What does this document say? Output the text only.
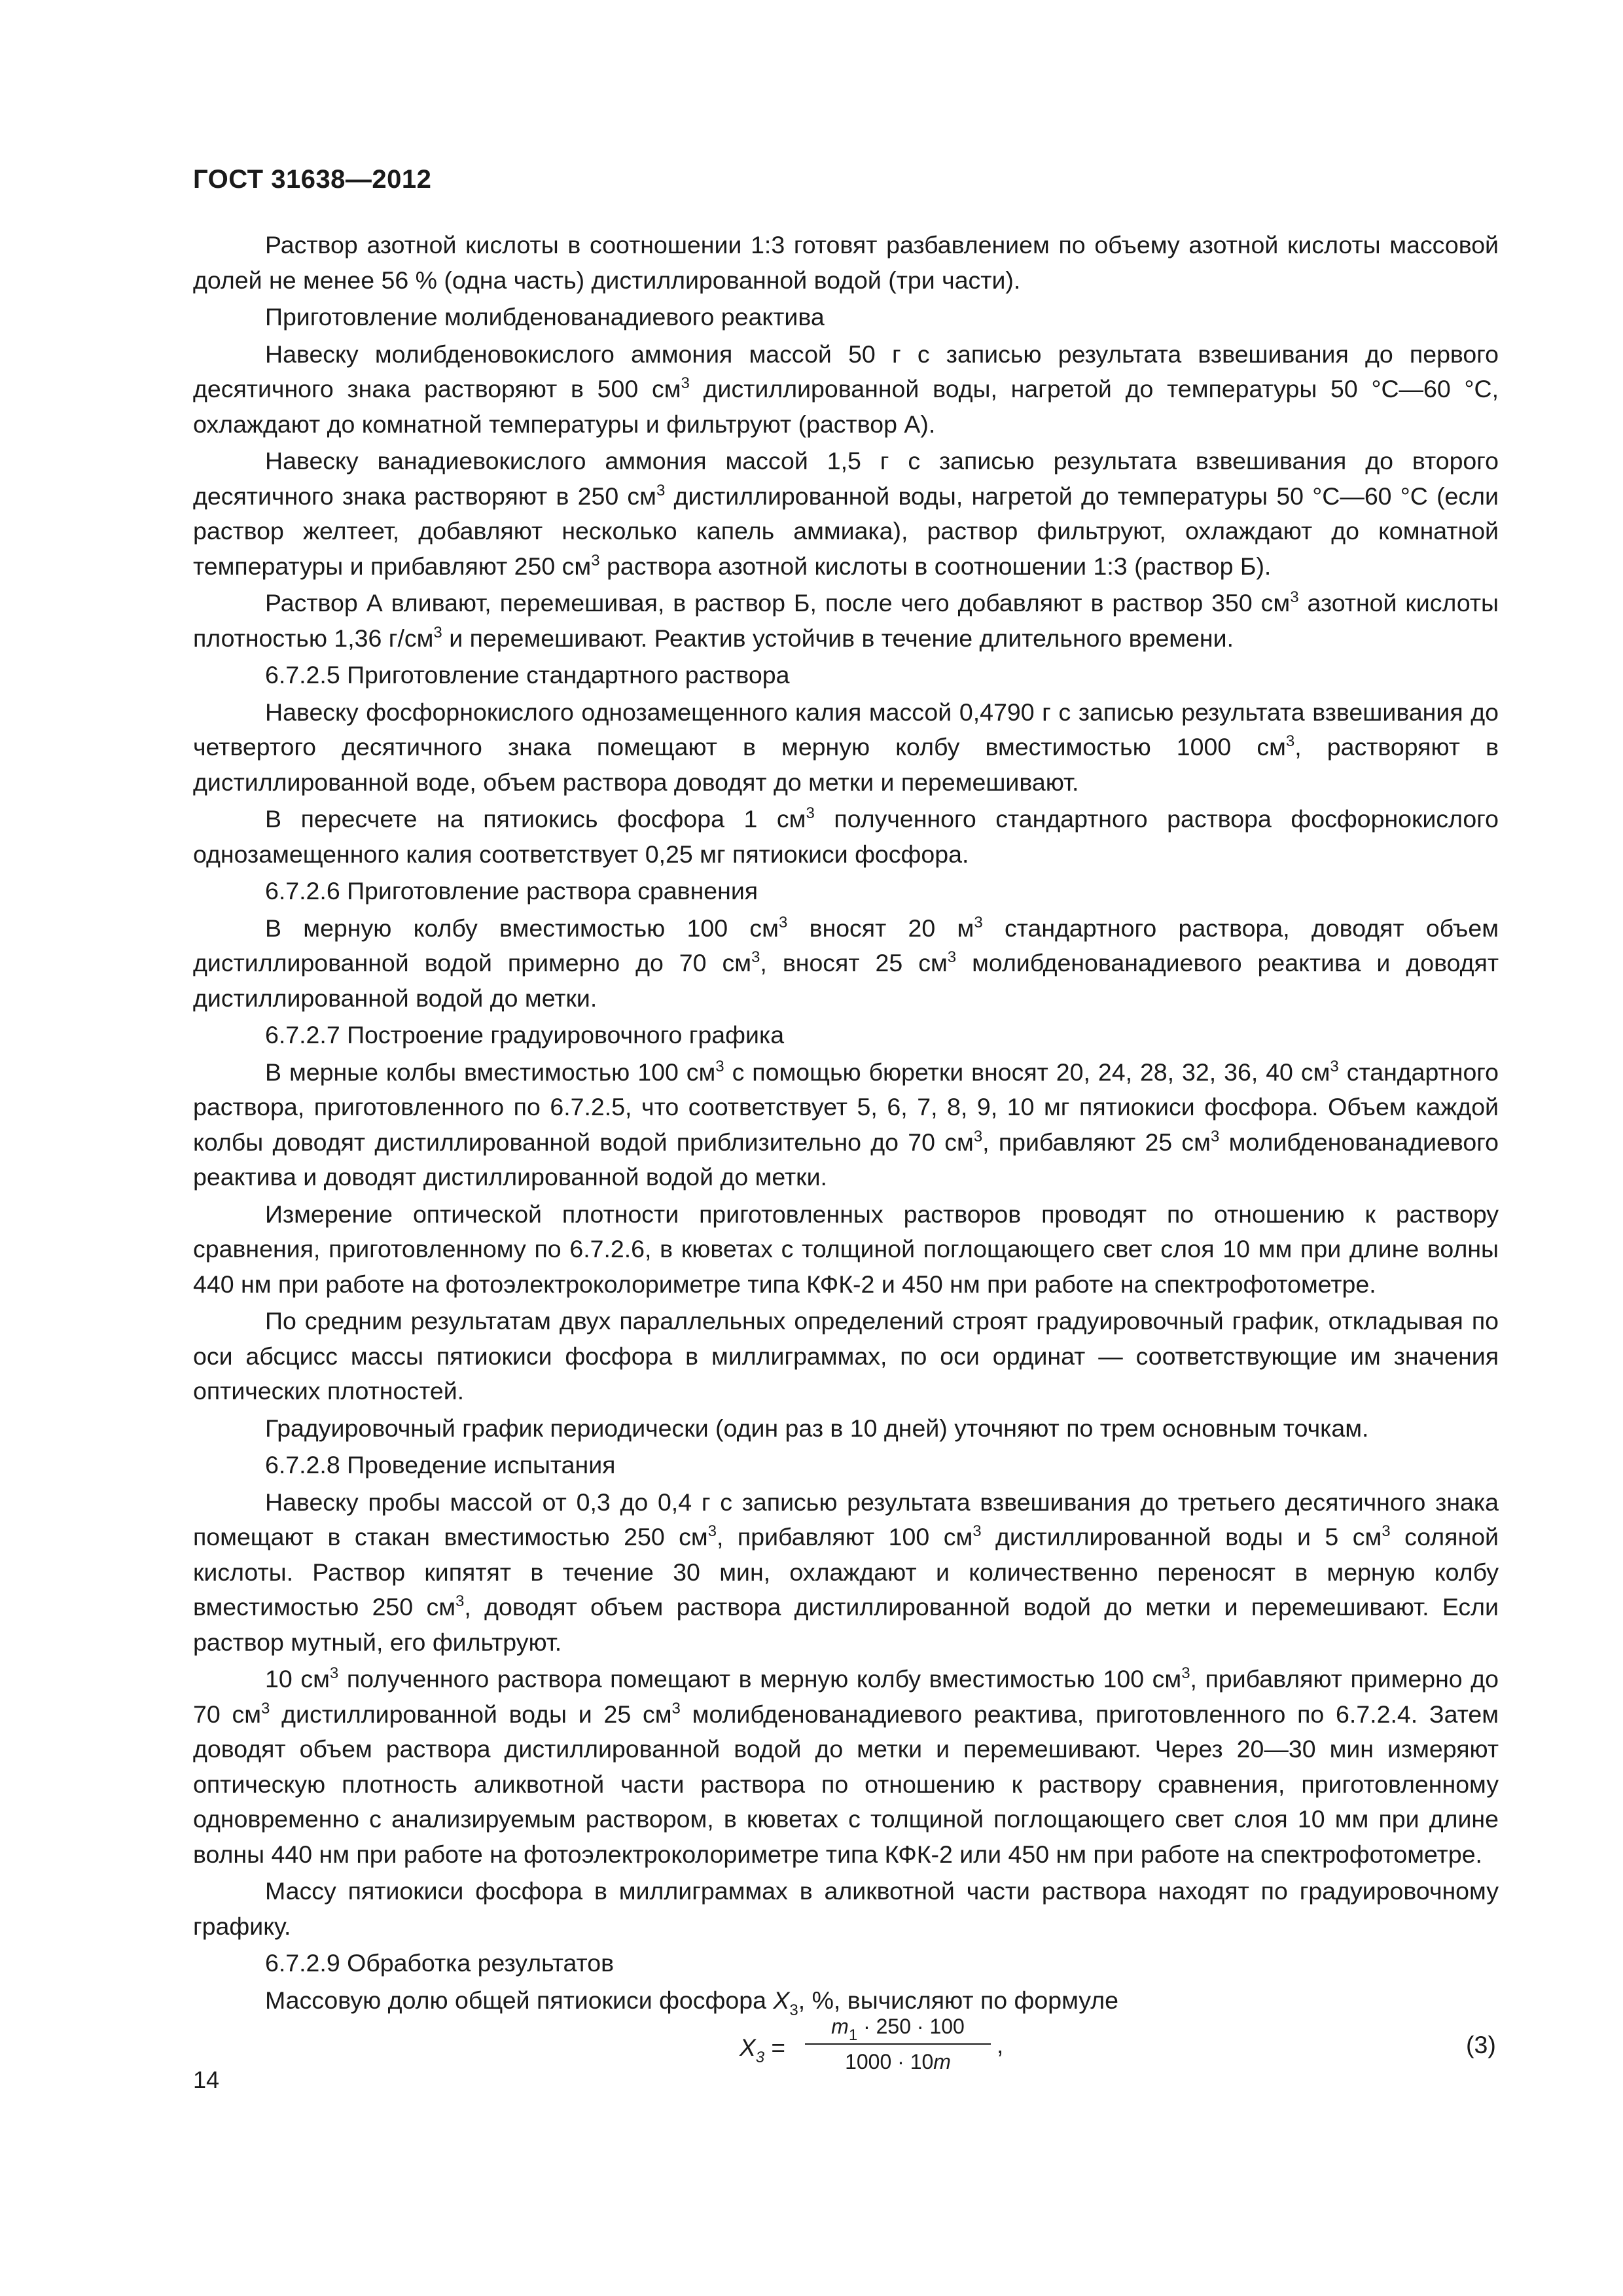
ГОСТ 31638—2012

Раствор азотной кислоты в соотношении 1:3 готовят разбавлением по объему азотной кислоты массовой долей не менее 56 % (одна часть) дистиллированной водой (три части).

Приготовление молибденованадиевого реактива

Навеску молибденовокислого аммония массой 50 г с записью результата взвешивания до первого десятичного знака растворяют в 500 $см^3$ дистиллированной воды, нагретой до температуры 50 °С—60 °С, охлаждают до комнатной температуры и фильтруют (раствор А).

Навеску ванадиевокислого аммония массой 1,5 г с записью результата взвешивания до второго десятичного знака растворяют в 250 $см^3$ дистиллированной воды, нагретой до температуры 50 °С—60 °С (если раствор желтеет, добавляют несколько капель аммиака), раствор фильтруют, охлаждают до комнатной температуры и прибавляют 250 $см^3$ раствора азотной кислоты в соотношении 1:3 (раствор Б).

Раствор А вливают, перемешивая, в раствор Б, после чего добавляют в раствор 350 $см^3$ азотной кислоты плотностью 1,36 $г/см^3$ и перемешивают. Реактив устойчив в течение длительного времени.

6.7.2.5 Приготовление стандартного раствора

Навеску фосфорнокислого однозамещенного калия массой 0,4790 г с записью результата взвешивания до четвертого десятичного знака помещают в мерную колбу вместимостью 1000 $см^3$, растворяют в дистиллированной воде, объем раствора доводят до метки и перемешивают.

В пересчете на пятиокись фосфора 1 $см^3$ полученного стандартного раствора фосфорнокислого однозамещенного калия соответствует 0,25 мг пятиокиси фосфора.

6.7.2.6 Приготовление раствора сравнения

В мерную колбу вместимостью 100 $см^3$ вносят 20 $м^3$ стандартного раствора, доводят объем дистиллированной водой примерно до 70 $см^3$, вносят 25 $см^3$ молибденованадиевого реактива и доводят дистиллированной водой до метки.

6.7.2.7 Построение градуировочного графика

В мерные колбы вместимостью 100 $см^3$ с помощью бюретки вносят 20, 24, 28, 32, 36, 40 $см^3$ стандартного раствора, приготовленного по 6.7.2.5, что соответствует 5, 6, 7, 8, 9, 10 мг пятиокиси фосфора. Объем каждой колбы доводят дистиллированной водой приблизительно до 70 $см^3$, прибавляют 25 $см^3$ молибденованадиевого реактива и доводят дистиллированной водой до метки.

Измерение оптической плотности приготовленных растворов проводят по отношению к раствору сравнения, приготовленному по 6.7.2.6, в кюветах с толщиной поглощающего свет слоя 10 мм при длине волны 440 нм при работе на фотоэлектроколориметре типа КФК-2 и 450 нм при работе на спектрофотометре.

По средним результатам двух параллельных определений строят градуировочный график, откладывая по оси абсцисс массы пятиокиси фосфора в миллиграммах, по оси ординат — соответствующие им значения оптических плотностей.

Градуировочный график периодически (один раз в 10 дней) уточняют по трем основным точкам.

6.7.2.8 Проведение испытания

Навеску пробы массой от 0,3 до 0,4 г с записью результата взвешивания до третьего десятичного знака помещают в стакан вместимостью 250 $см^3$, прибавляют 100 $см^3$ дистиллированной воды и 5 $см^3$ соляной кислоты. Раствор кипятят в течение 30 мин, охлаждают и количественно переносят в мерную колбу вместимостью 250 $см^3$, доводят объем раствора дистиллированной водой до метки и перемешивают. Если раствор мутный, его фильтруют.

10 $см^3$ полученного раствора помещают в мерную колбу вместимостью 100 $см^3$, прибавляют примерно до 70 $см^3$ дистиллированной воды и 25 $см^3$ молибденованадиевого реактива, приготовленного по 6.7.2.4. Затем доводят объем раствора дистиллированной водой до метки и перемешивают. Через 20—30 мин измеряют оптическую плотность аликвотной части раствора по отношению к раствору сравнения, приготовленному одновременно с анализируемым раствором, в кюветах с толщиной поглощающего свет слоя 10 мм при длине волны 440 нм при работе на фотоэлектроколориметре типа КФК-2 или 450 нм при работе на спектрофотометре.

Массу пятиокиси фосфора в миллиграммах в аликвотной части раствора находят по градуировочному графику.

6.7.2.9 Обработка результатов

Массовую долю общей пятиокиси фосфора $X_3$, %, вычисляют по формуле

$X_3$ =
$m_1 \cdot 250 \cdot 100$
1000 · 10m
,	(3)
14
